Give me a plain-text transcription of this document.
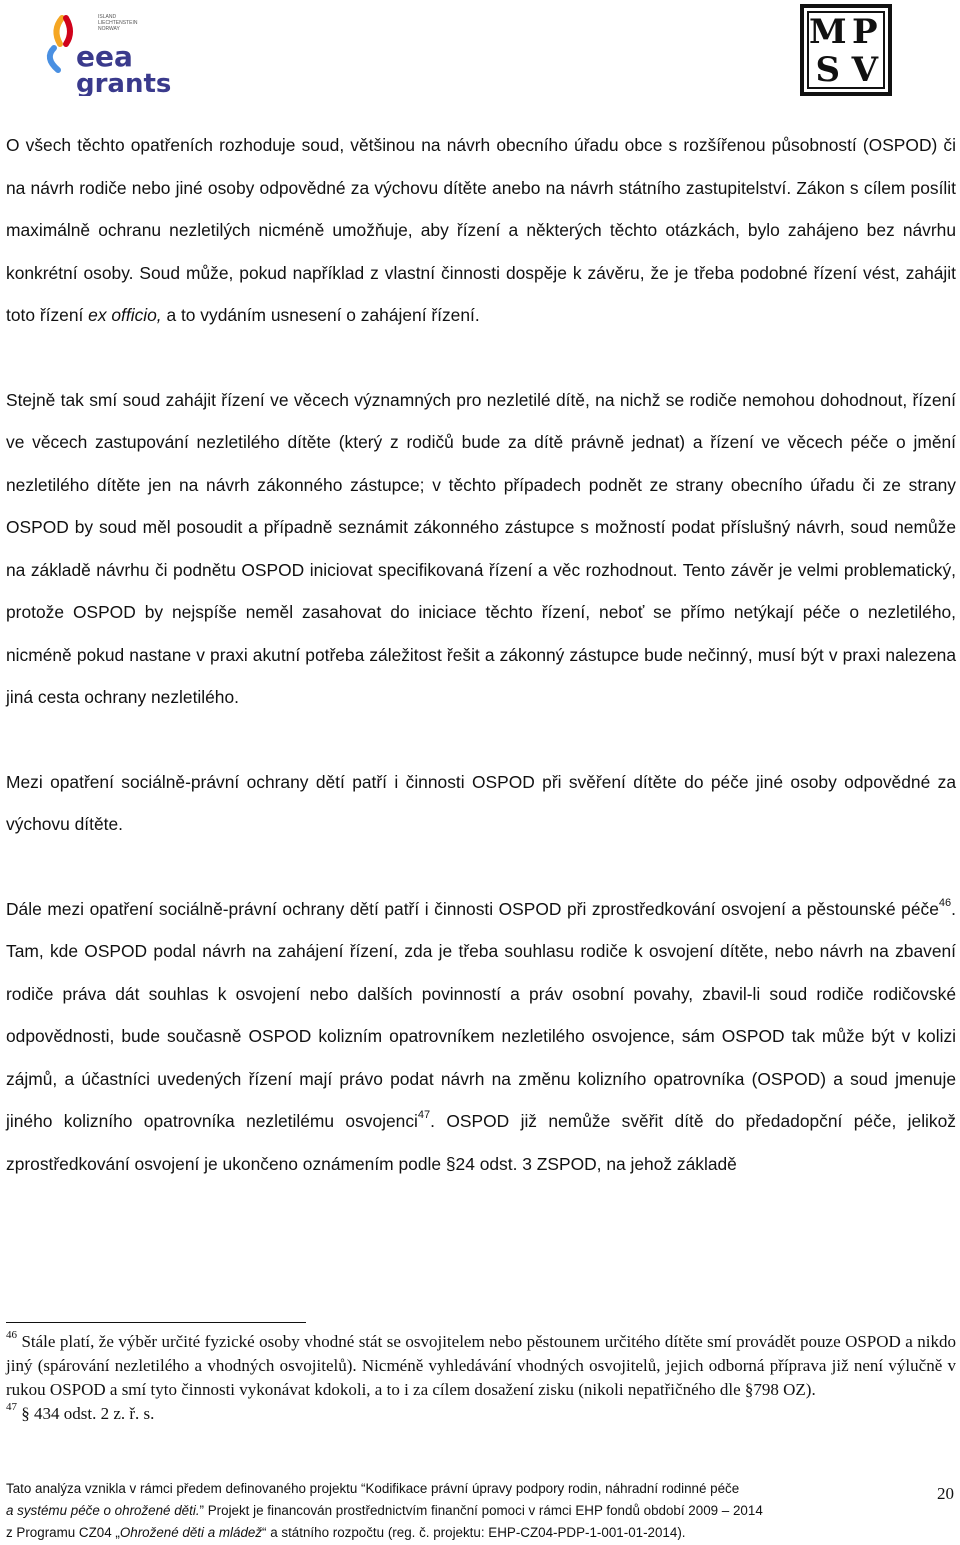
ISLAND
LIECHTENSTEIN
NORWAY
eea
grants
M P
S V

O všech těchto opatřeních rozhoduje soud, většinou na návrh obecního úřadu obce s rozšířenou působností (OSPOD) či na návrh rodiče nebo jiné osoby odpovědné za výchovu dítěte anebo na návrh státního zastupitelství. Zákon s cílem posílit maximálně ochranu nezletilých nicméně umožňuje, aby řízení a některých těchto otázkách, bylo zahájeno bez návrhu konkrétní osoby. Soud může, pokud například z vlastní činnosti dospěje k závěru, že je třeba podobné řízení vést, zahájit toto řízení ex officio, a to vydáním usnesení o zahájení řízení.

Stejně tak smí soud zahájit řízení ve věcech významných pro nezletilé dítě, na nichž se rodiče nemohou dohodnout, řízení ve věcech zastupování nezletilého dítěte (který z rodičů bude za dítě právně jednat) a řízení ve věcech péče o jmění nezletilého dítěte jen na návrh zákonného zástupce; v těchto případech podnět ze strany obecního úřadu či ze strany OSPOD by soud měl posoudit a případně seznámit zákonného zástupce s možností podat příslušný návrh, soud nemůže na základě návrhu či podnětu OSPOD iniciovat specifikovaná řízení a věc rozhodnout. Tento závěr je velmi problematický, protože OSPOD by nejspíše neměl zasahovat do iniciace těchto řízení, neboť se přímo netýkají péče o nezletilého, nicméně pokud nastane v praxi akutní potřeba záležitost řešit a zákonný zástupce bude nečinný, musí být v praxi nalezena jiná cesta ochrany nezletilého.

Mezi opatření sociálně-právní ochrany dětí patří i činnosti OSPOD při svěření dítěte do péče jiné osoby odpovědné za výchovu dítěte.

Dále mezi opatření sociálně-právní ochrany dětí patří i činnosti OSPOD při zprostředkování osvojení a pěstounské péče$^{46}$. Tam, kde OSPOD podal návrh na zahájení řízení, zda je třeba souhlasu rodiče k osvojení dítěte, nebo návrh na zbavení rodiče práva dát souhlas k osvojení nebo dalších povinností a práv osobní povahy, zbavil-li soud rodiče rodičovské odpovědnosti, bude současně OSPOD kolizním opatrovníkem nezletilého osvojence, sám OSPOD tak může být v kolizi zájmů, a účastníci uvedených řízení mají právo podat návrh na změnu kolizního opatrovníka (OSPOD) a soud jmenuje jiného kolizního opatrovníka nezletilému osvojenci$^{47}$. OSPOD již nemůže svěřit dítě do předadopční péče, jelikož zprostředkování osvojení je ukončeno oznámením podle §24 odst. 3 ZSPOD, na jehož základě

$^{46}$ Stále platí, že výběr určité fyzické osoby vhodné stát se osvojitelem nebo pěstounem určitého dítěte smí provádět pouze OSPOD a nikdo jiný (spárování nezletilého a vhodných osvojitelů). Nicméně vyhledávání vhodných osvojitelů, jejich odborná příprava již není výlučně v rukou OSPOD a smí tyto činnosti vykonávat kdokoli, a to i za cílem dosažení zisku (nikoli nepatřičného dle §798 OZ).

$^{47}$ § 434 odst. 2 z. ř. s.

20
Tato analýza vznikla v rámci předem definovaného projektu “Kodifikace právní úpravy podpory rodin, náhradní rodinné péče
a systému péče o ohrožené děti.” Projekt je financován prostřednictvím finanční pomoci v rámci EHP fondů období 2009 – 2014
z Programu CZ04 „Ohrožené děti a mládež“ a státního rozpočtu (reg. č. projektu: EHP-CZ04-PDP-1-001-01-2014).
